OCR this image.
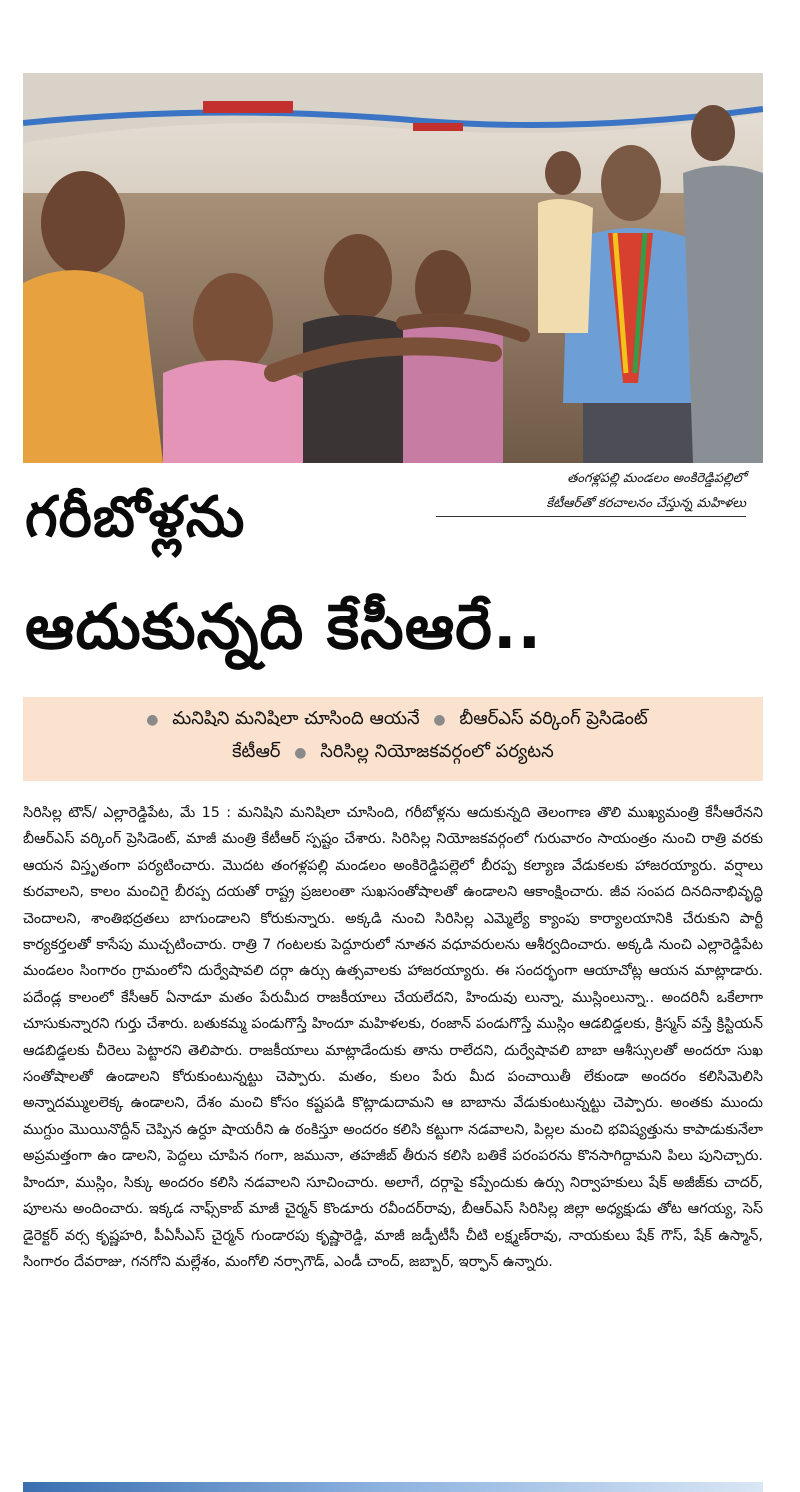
తంగళ్లపల్లి మండలం అంకిరెడ్డిపల్లిలో
కేటీఆర్‌తో కరచాలనం చేస్తున్న మహిళలు
గరీబోళ్లను
ఆదుకున్నది కేసీఆరే..
● మనిషిని మనిషిలా చూసింది ఆయనే ● బీఆర్‌ఎస్‌ వర్కింగ్‌ ప్రెసిడెంట్‌
కేటీఆర్‌ ● సిరిసిల్ల నియోజకవర్గంలో పర్యటన
సిరిసిల్ల టౌన్‌/ ఎల్లారెడ్డిపేట, మే 15 : మనిషిని మనిషిలా చూసింది, గరీబోళ్లను ఆదుకున్నది తెలంగాణ తొలి ముఖ్యమంత్రి కేసీఆరేనని బీఆర్‌ఎస్‌ వర్కింగ్‌ ప్రెసిడెంట్‌, మాజీ మంత్రి కేటీఆర్‌ స్పష్టం చేశారు. సిరిసిల్ల నియోజకవర్గంలో గురువారం సాయంత్రం నుంచి రాత్రి వరకు ఆయన విస్తృతంగా పర్యటించారు. మొదట తంగళ్లపల్లి మండలం అంకిరెడ్డిపల్లెలో బీరప్ప కల్యాణ వేడుకలకు హాజరయ్యారు. వర్షాలు కురవాలని, కాలం మంచిగై బీరప్ప దయతో రాష్ట్ర ప్రజలంతా సుఖసంతోషాలతో ఉండాలని ఆకాంక్షించారు. జీవ సంపద దినదినాభివృద్ధి చెందాలని, శాంతిభద్రతలు బాగుండాలని కోరుకున్నారు. అక్కడి నుంచి సిరిసిల్ల ఎమ్మెల్యే క్యాంపు కార్యాలయానికి చేరుకుని పార్టీ కార్యకర్తలతో కాసేపు ముచ్చటించారు. రాత్రి 7 గంటలకు పెద్దూరులో నూతన వధూవరులను ఆశీర్వదించారు. అక్కడి నుంచి ఎల్లారెడ్డిపేట మండలం సింగారం గ్రామంలోని దుర్వేషావలి దర్గా ఉర్సు ఉత్సవాలకు హాజరయ్యారు. ఈ సందర్భంగా ఆయాచోట్ల ఆయన మాట్లాడారు. పదేండ్ల కాలంలో కేసీఆర్‌ ఏనాడూ మతం పేరుమీద రాజకీయాలు చేయలేదని, హిందువు లున్నా, ముస్లింలున్నా.. అందరినీ ఒకేలాగా చూసుకున్నారని గుర్తు చేశారు. బతుకమ్మ పండుగొస్తే హిందూ మహిళలకు, రంజాన్‌ పండుగొస్తే ముస్లిం ఆడబిడ్డలకు, క్రిస్మస్‌ వస్తే క్రిస్టియన్‌ ఆడబిడ్డలకు చీరెలు పెట్టారని తెలిపారు. రాజకీయాలు మాట్లాడేందుకు తాను రాలేదని, దుర్వేషావలి బాబా ఆశీస్సులతో అందరూ సుఖ సంతోషాలతో ఉండాలని కోరుకుంటున్నట్టు చెప్పారు. మతం, కులం పేరు మీద పంచాయితీ లేకుండా అందరం కలిసిమెలిసి అన్నాదమ్ములలెక్క ఉండాలని, దేశం మంచి కోసం కష్టపడి కొట్లాడుదామని ఆ బాబాను వేడుకుంటున్నట్టు చెప్పారు. అంతకు ముందు ముగ్దుం మొయినొద్దీన్‌ చెప్పిన ఉర్దూ షాయరీని ఉ ఠంకిస్తూ అందరం కలిసి కట్టుగా నడవాలని, పిల్లల మంచి భవిష్యత్తును కాపాడుకునేలా అప్రమత్తంగా ఉం డాలని, పెద్దలు చూపిన గంగా, జమునా, తహజీబ్‌ తీరున కలిసి బతికే పరంపరను కొనసాగిద్దామని పిలు పునిచ్చారు. హిందూ, ముస్లిం, సిక్కు అందరం కలిసి నడవాలని సూచించారు. అలాగే, దర్గాపై కప్పేందుకు ఉర్సు నిర్వాహకులు షేక్‌ అజీజ్‌కు చాదర్‌, పూలను అందించారు. ఇక్కడ నాఫ్స్‌కాబ్‌ మాజీ చైర్మన్‌ కొండూరు రవీందర్‌రావు, బీఆర్‌ఎస్‌ సిరిసిల్ల జిల్లా అధ్యక్షుడు తోట ఆగయ్య, సెస్‌ డైరెక్టర్‌ వర్స కృష్ణహరి, పీఏసీఎస్‌ చైర్మన్‌ గుండారపు కృష్ణారెడ్డి, మాజీ జడ్పీటీసీ చీటి లక్ష్మణ్‌రావు, నాయకులు షేక్‌ గౌస్‌, షేక్‌ ఉస్మాన్‌, సింగారం దేవరాజు, గనగోని మల్లేశం, మంగోలి నర్సాగౌడ్‌, ఎండీ చాంద్‌, జబ్బార్‌, ఇర్ఫాన్‌ ఉన్నారు.
